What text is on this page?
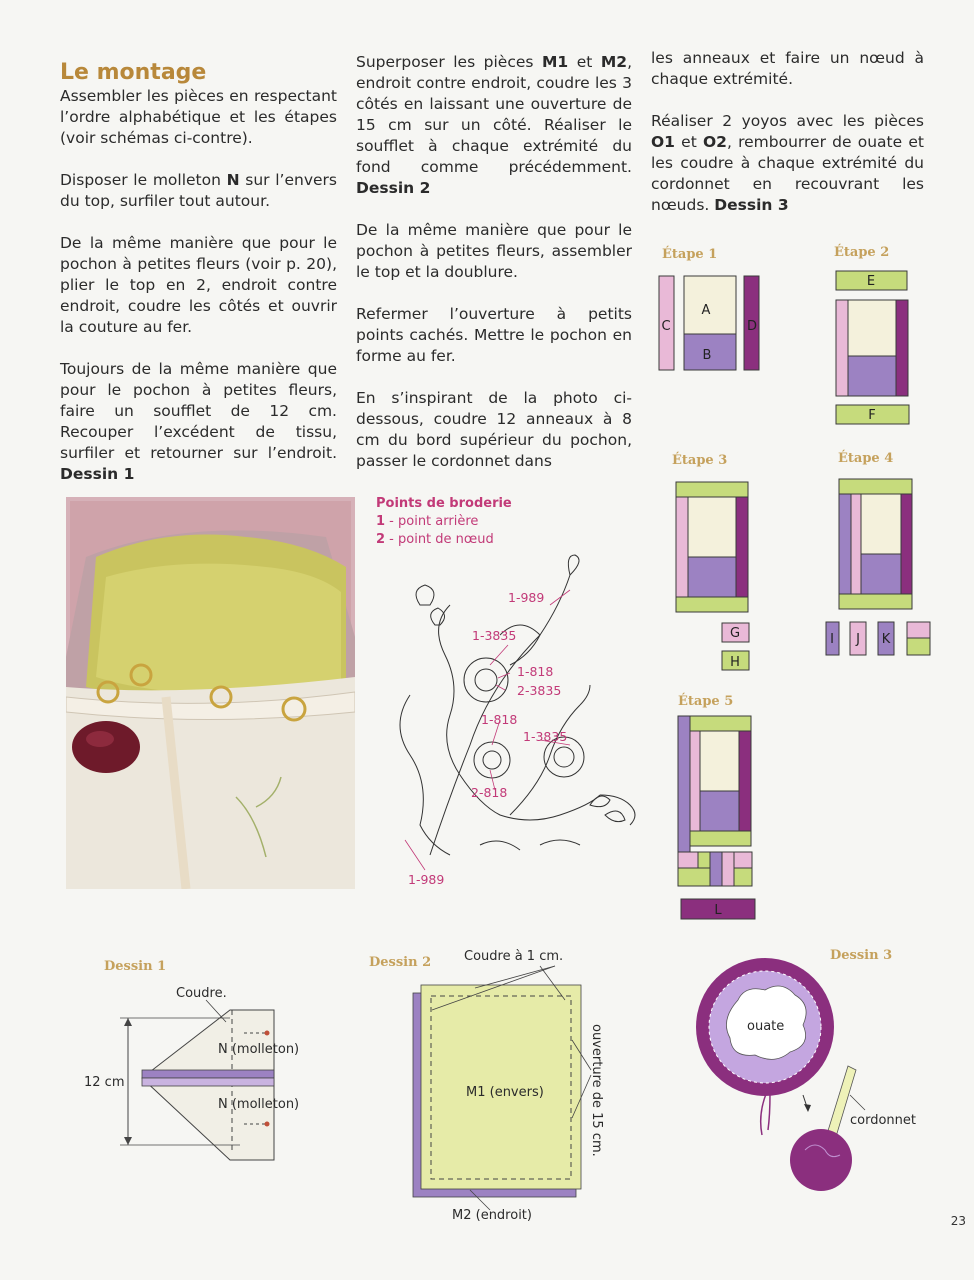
Le montage

Assembler les pièces en respectant l’ordre alphabétique et les étapes (voir schémas ci-contre).

Disposer le molleton N sur l’envers du top, surfiler tout autour.

De la même manière que pour le pochon à petites fleurs (voir p. 20), plier le top en 2, endroit contre endroit, coudre les côtés et ouvrir la couture au fer.

Toujours de la même manière que pour le pochon à petites fleurs, faire un soufflet de 12 cm. Recouper l’excédent de tissu, surfiler et retourner sur l’endroit. Dessin 1

Superposer les pièces M1 et M2, endroit contre endroit, coudre les 3 côtés en laissant une ouverture de 15 cm sur un côté. Réaliser le soufflet à chaque extrémité du fond comme précédemment. Dessin 2

De la même manière que pour le pochon à petites fleurs, assembler le top et la doublure.

Refermer l’ouverture à petits points cachés. Mettre le pochon en forme au fer.

En s’inspirant de la photo ci-dessous, coudre 12 anneaux à 8 cm du bord supérieur du pochon, passer le cordonnet dans

les anneaux et faire un nœud à chaque extrémité.

Réaliser 2 yoyos avec les pièces O1 et O2, rembourrer de ouate et les coudre à chaque extrémité du cordonnet en recouvrant les nœuds. Dessin 3

Étape 1	Étape 2
Étape 3	Étape 4
Étape 5
A
B
C	D
E
F
G
H
I J K
L
Points de broderie
1 - point arrière
2 - point de nœud
1-989
1-3835
1-818
2-3835
1-818
1-3835
2-818
1-989
Dessin 1	Dessin 2	Dessin 3
Coudre.
N (molleton)
N (molleton)
12 cm
Coudre à 1 cm.
M1 (envers)
M2 (endroit)
ouverture de 15 cm.	ouate
cordonnet
23
